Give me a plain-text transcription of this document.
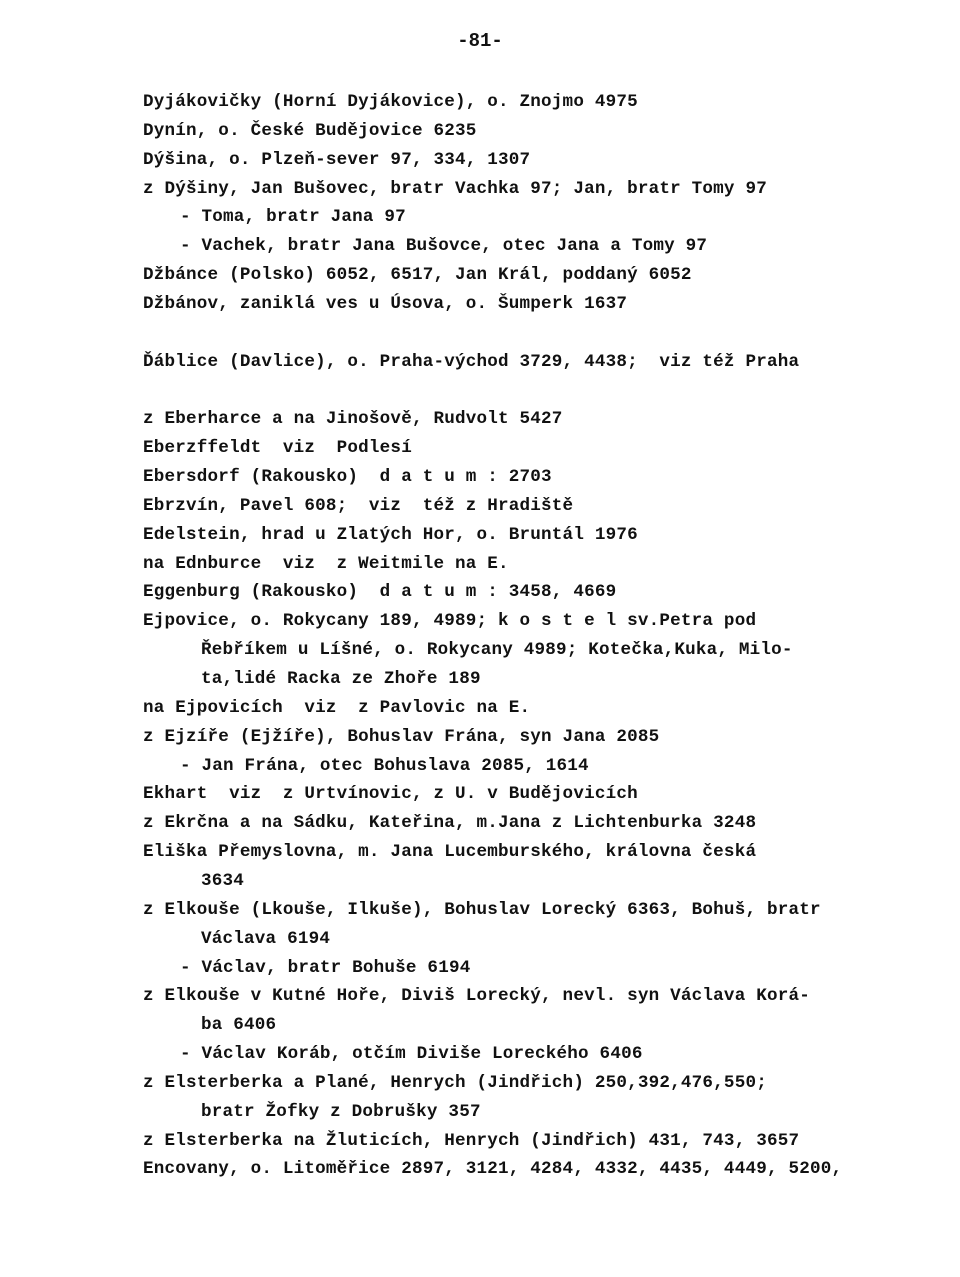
-81-
Dyjákovičky (Horní Dyjákovice), o. Znojmo 4975
Dynín, o. České Budějovice 6235
Dýšina, o. Plzeň-sever 97, 334, 1307
z Dýšiny, Jan Bušovec, bratr Vachka 97; Jan, bratr Tomy 97
- Toma, bratr Jana 97
- Vachek, bratr Jana Bušovce, otec Jana a Tomy 97
Džbánce (Polsko) 6052, 6517, Jan Král, poddaný 6052
Džbánov, zaniklá ves u Úsova, o. Šumperk 1637
Ďáblice (Davlice), o. Praha-východ 3729, 4438;  viz též Praha
z Eberharce a na Jinošově, Rudvolt 5427
Eberzffeldt  viz  Podlesí
Ebersdorf (Rakousko)  d a t u m : 2703
Ebrzvín, Pavel 608;  viz  též z Hradiště
Edelstein, hrad u Zlatých Hor, o. Bruntál 1976
na Ednburce  viz  z Weitmile na E.
Eggenburg (Rakousko)  d a t u m : 3458, 4669
Ejpovice, o. Rokycany 189, 4989; k o s t e l sv.Petra pod
Řebříkem u Líšné, o. Rokycany 4989; Kotečka,Kuka, Milo-
ta,lidé Racka ze Zhoře 189
na Ejpovicích  viz  z Pavlovic na E.
z Ejzíře (Ejžíře), Bohuslav Frána, syn Jana 2085
- Jan Frána, otec Bohuslava 2085, 1614
Ekhart  viz  z Urtvínovic, z U. v Budějovicích
z Ekrčna a na Sádku, Kateřina, m.Jana z Lichtenburka 3248
Eliška Přemyslovna, m. Jana Lucemburského, královna česká
3634
z Elkouše (Lkouše, Ilkuše), Bohuslav Lorecký 6363, Bohuš, bratr
Václava 6194
- Václav, bratr Bohuše 6194
z Elkouše v Kutné Hoře, Diviš Lorecký, nevl. syn Václava Korá-
ba 6406
- Václav Koráb, otčím Diviše Loreckého 6406
z Elsterberka a Plané, Henrych (Jindřich) 250,392,476,550;
bratr Žofky z Dobrušky 357
z Elsterberka na Žluticích, Henrych (Jindřich) 431, 743, 3657
Encovany, o. Litoměřice 2897, 3121, 4284, 4332, 4435, 4449, 5200,
